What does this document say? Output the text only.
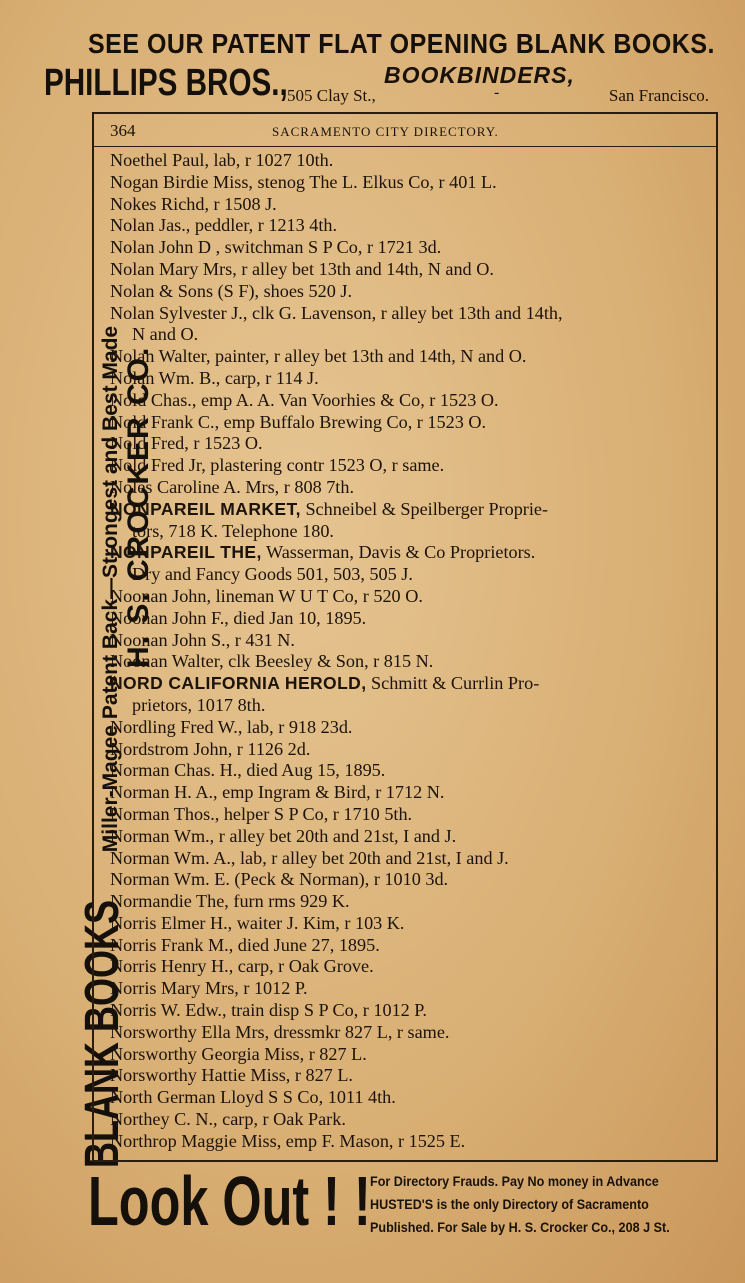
SEE OUR PATENT FLAT OPENING BLANK BOOKS.
PHILLIPS BROS.,	BOOKBINDERS,
505 Clay St.,	-	San Francisco.
BLANK BOOKS Miller-Magee Patent Back—Strongest and Best Made H. S. CROCKER CO.
364	SACRAMENTO CITY DIRECTORY.
Noethel Paul, lab, r 1027 10th.
Nogan Birdie Miss, stenog The L. Elkus Co, r 401 L.
Nokes Richd, r 1508 J.
Nolan Jas., peddler, r 1213 4th.
Nolan John D , switchman S P Co, r 1721 3d.
Nolan Mary Mrs, r alley bet 13th and 14th, N and O.
Nolan & Sons (S F), shoes 520 J.
Nolan Sylvester J., clk G. Lavenson, r alley bet 13th and 14th,
N and O.
Nolan Walter, painter, r alley bet 13th and 14th, N and O.
Nolan Wm. B., carp, r 114 J.
Nold Chas., emp A. A. Van Voorhies & Co, r 1523 O.
Nold Frank C., emp Buffalo Brewing Co, r 1523 O.
Nold Fred, r 1523 O.
Nold Fred Jr, plastering contr 1523 O, r same.
Noles Caroline A. Mrs, r 808 7th.
NONPAREIL MARKET, Schneibel & Speilberger Proprie-
tors, 718 K. Telephone 180.
NONPAREIL THE, Wasserman, Davis & Co Proprietors.
Dry and Fancy Goods 501, 503, 505 J.
Noonan John, lineman W U T Co, r 520 O.
Noonan John F., died Jan 10, 1895.
Noonan John S., r 431 N.
Noonan Walter, clk Beesley & Son, r 815 N.
NORD CALIFORNIA HEROLD, Schmitt & Currlin Pro-
prietors, 1017 8th.
Nordling Fred W., lab, r 918 23d.
Nordstrom John, r 1126 2d.
Norman Chas. H., died Aug 15, 1895.
Norman H. A., emp Ingram & Bird, r 1712 N.
Norman Thos., helper S P Co, r 1710 5th.
Norman Wm., r alley bet 20th and 21st, I and J.
Norman Wm. A., lab, r alley bet 20th and 21st, I and J.
Norman Wm. E. (Peck & Norman), r 1010 3d.
Normandie The, furn rms 929 K.
Norris Elmer H., waiter J. Kim, r 103 K.
Norris Frank M., died June 27, 1895.
Norris Henry H., carp, r Oak Grove.
Norris Mary Mrs, r 1012 P.
Norris W. Edw., train disp S P Co, r 1012 P.
Norsworthy Ella Mrs, dressmkr 827 L, r same.
Norsworthy Georgia Miss, r 827 L.
Norsworthy Hattie Miss, r 827 L.
North German Lloyd S S Co, 1011 4th.
Northey C. N., carp, r Oak Park.
Northrop Maggie Miss, emp F. Mason, r 1525 E.
Look Out ! ! For Directory Frauds. Pay No money in Advance
HUSTED'S is the only Directory of Sacramento
Published. For Sale by H. S. Crocker Co., 208 J St.
